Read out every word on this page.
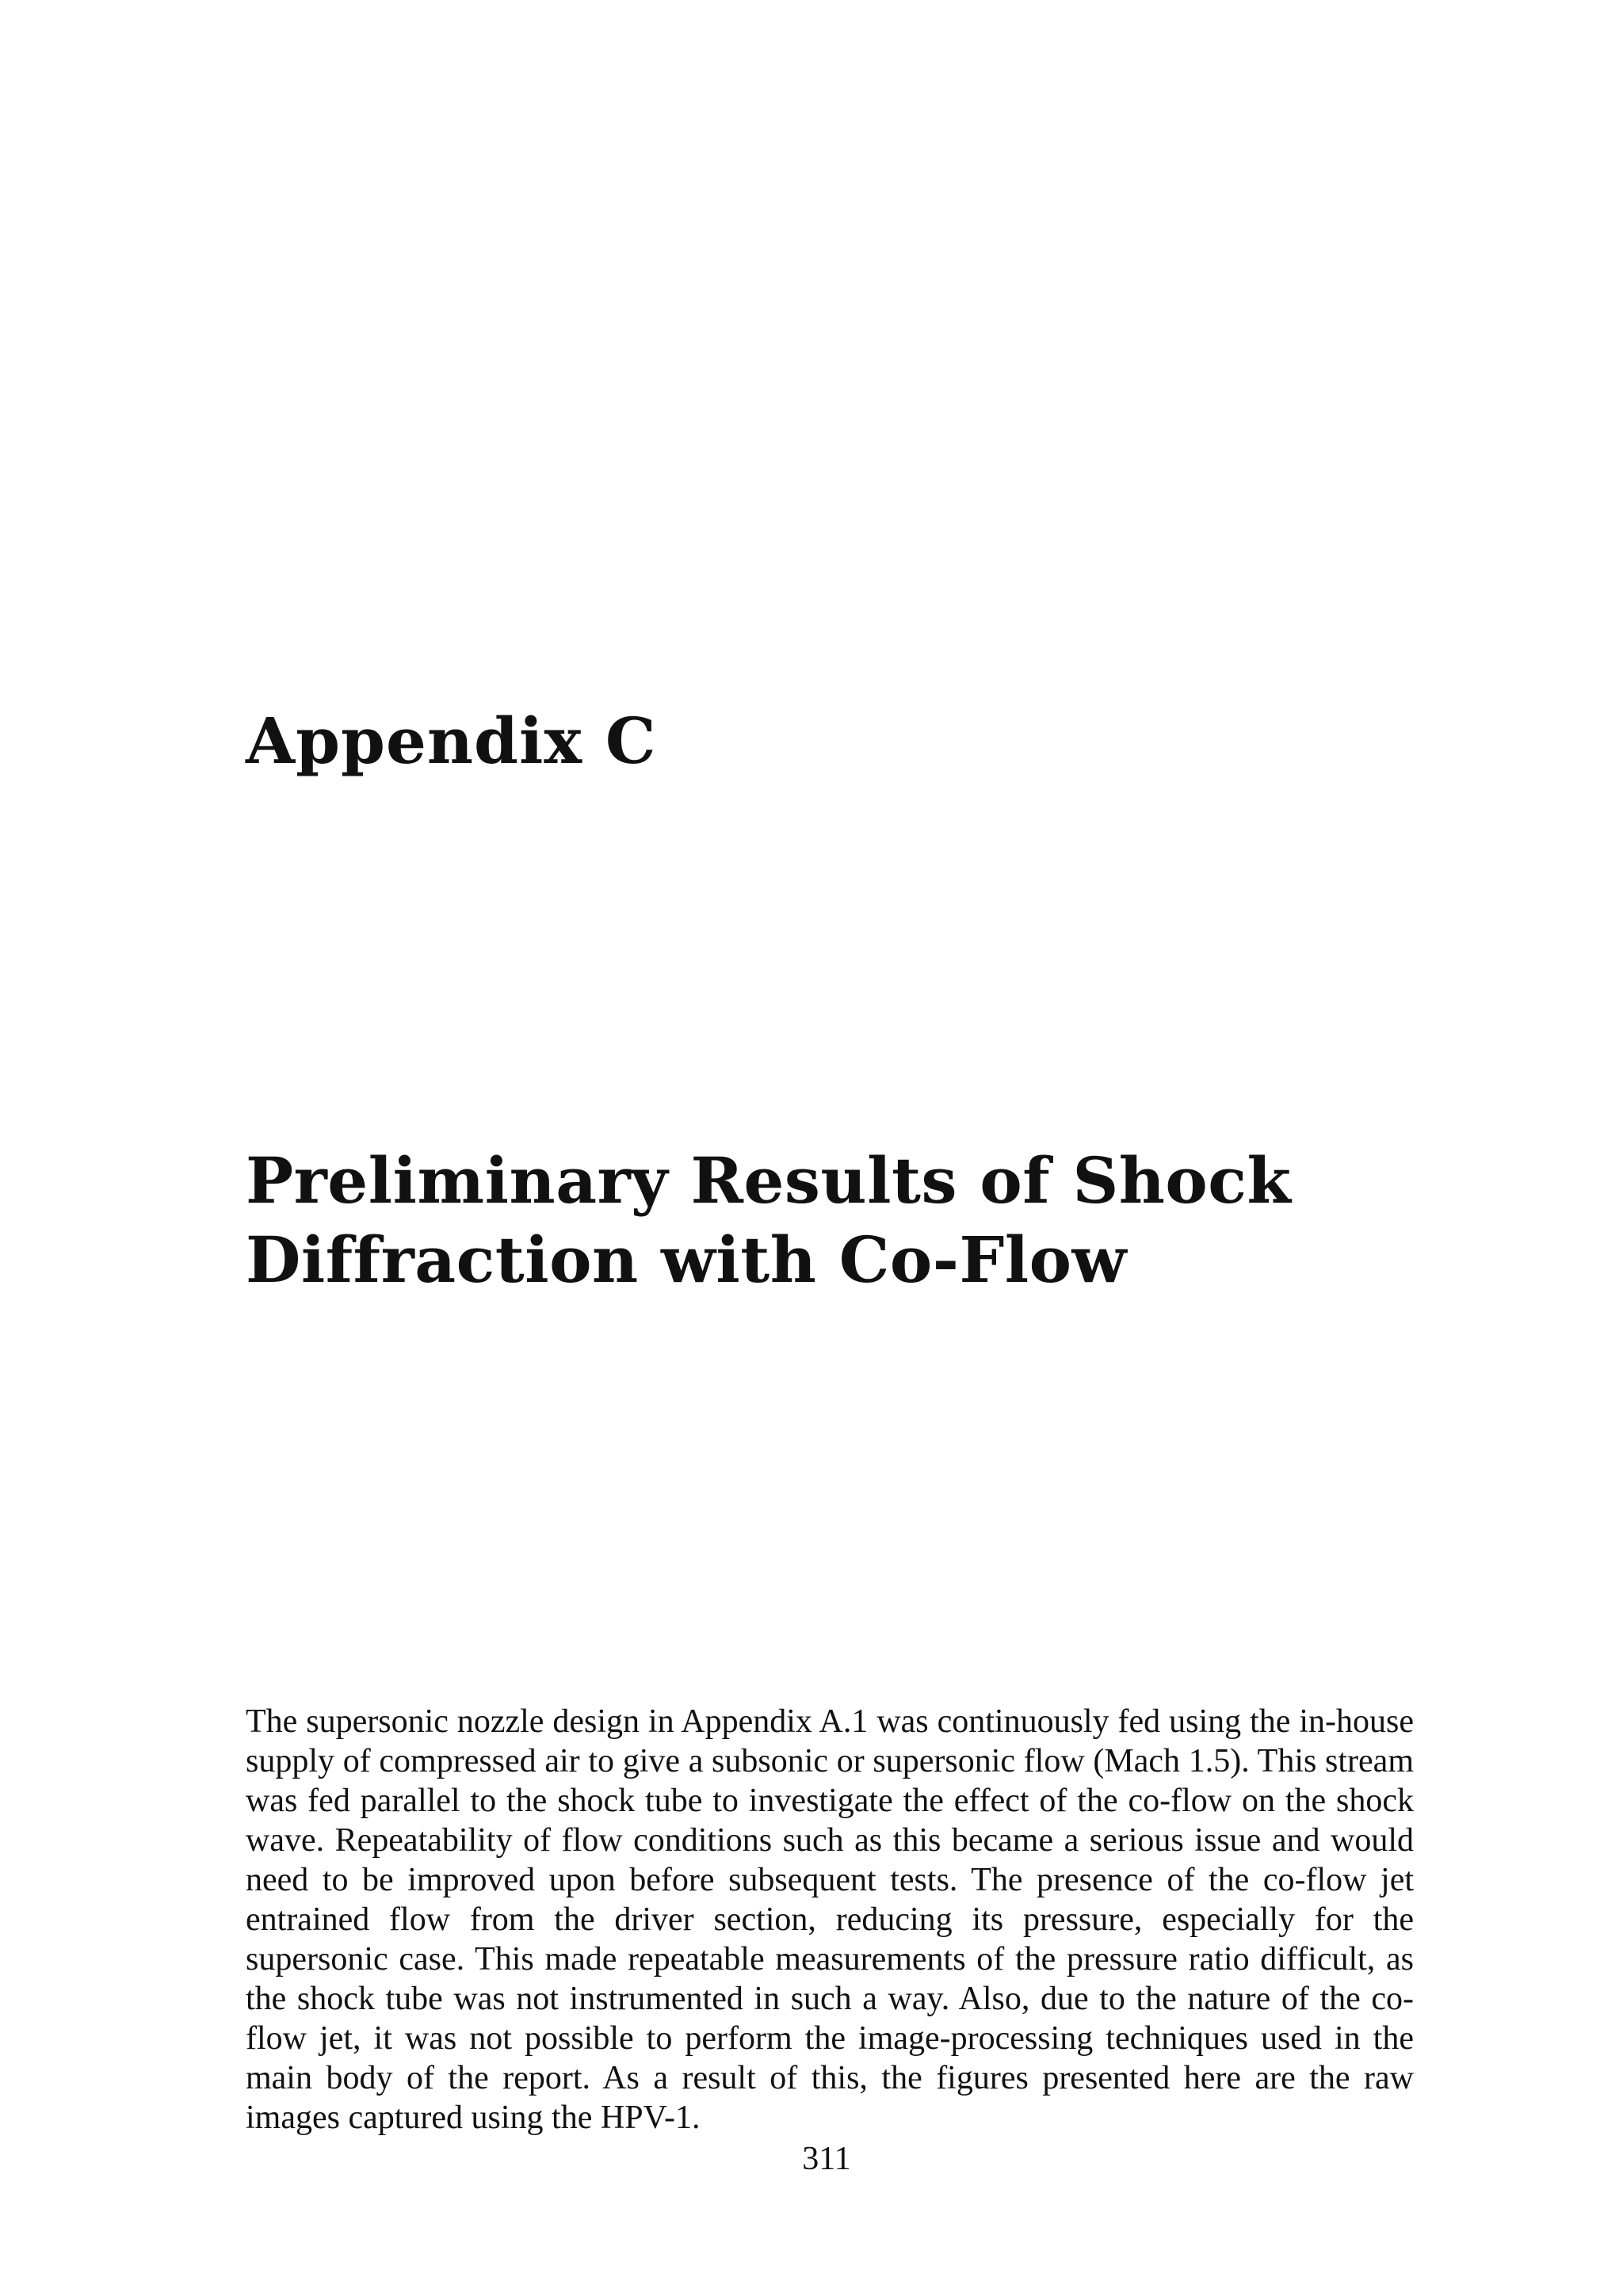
Appendix C
Preliminary Results of Shock Diffraction with Co-Flow

The supersonic nozzle design in Appendix A.1 was continuously fed using the in-house supply of compressed air to give a subsonic or supersonic flow (Mach 1.5). This stream was fed parallel to the shock tube to investigate the effect of the co-flow on the shock wave. Repeatability of flow conditions such as this became a serious issue and would need to be improved upon before subsequent tests. The presence of the co-flow jet entrained flow from the driver section, reducing its pressure, especially for the supersonic case. This made repeatable measurements of the pressure ratio difficult, as the shock tube was not instrumented in such a way. Also, due to the nature of the co-flow jet, it was not possible to perform the image-processing techniques used in the main body of the report. As a result of this, the figures presented here are the raw images captured using the HPV-1.

311
